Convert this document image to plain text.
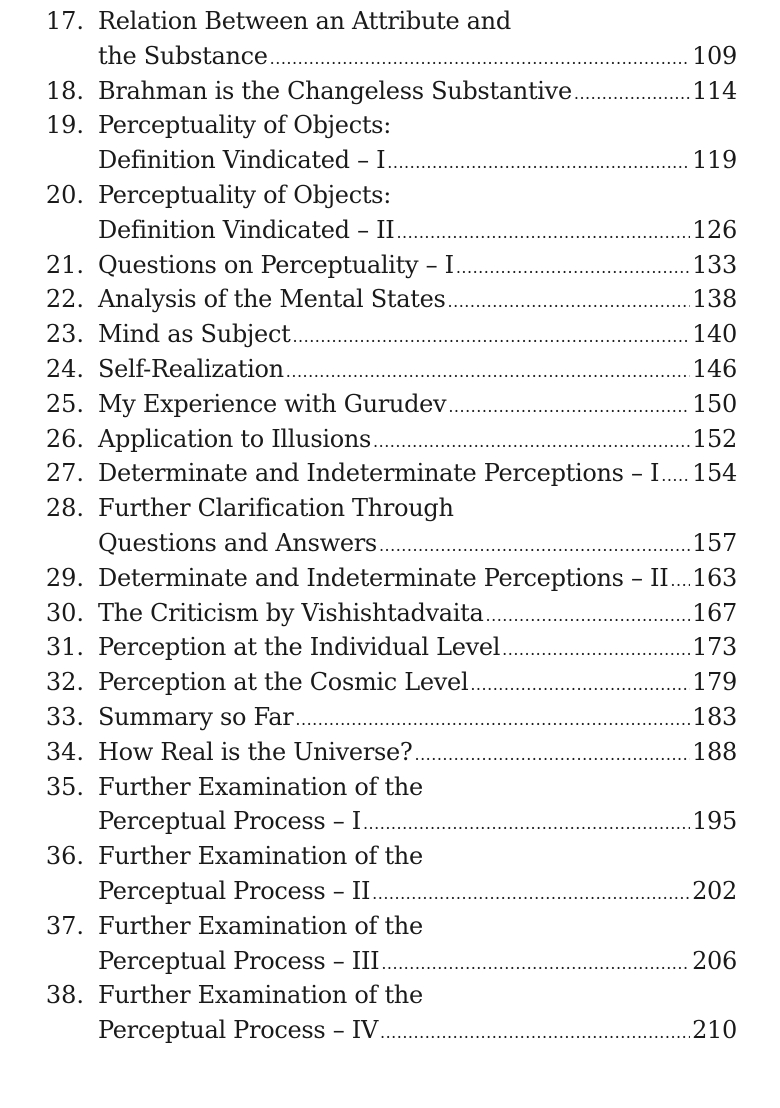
17. Relation Between an Attribute and
the Substance .....	109
18. Brahman is the Changeless Substantive .....	114
19. Perceptuality of Objects:
Definition Vindicated – I .....	119
20. Perceptuality of Objects:
Definition Vindicated – II .....	126
21. Questions on Perceptuality – I .....	133
22. Analysis of the Mental States .....	138
23. Mind as Subject .....	140
24. Self-Realization .....	146
25. My Experience with Gurudev .....	150
26. Application to Illusions .....	152
27. Determinate and Indeterminate Perceptions – I ..... 154
28. Further Clarification Through
Questions and Answers .....	157
29. Determinate and Indeterminate Perceptions – II ..... 163
30. The Criticism by Vishishtadvaita .....	167
31. Perception at the Individual Level .....	173
32. Perception at the Cosmic Level .....	179
33. Summary so Far .....	183
34. How Real is the Universe? .....	188
35. Further Examination of the
Perceptual Process – I .....	195
36. Further Examination of the
Perceptual Process – II .....	202
37. Further Examination of the
Perceptual Process – III .....	206
38. Further Examination of the
Perceptual Process – IV .....	210
